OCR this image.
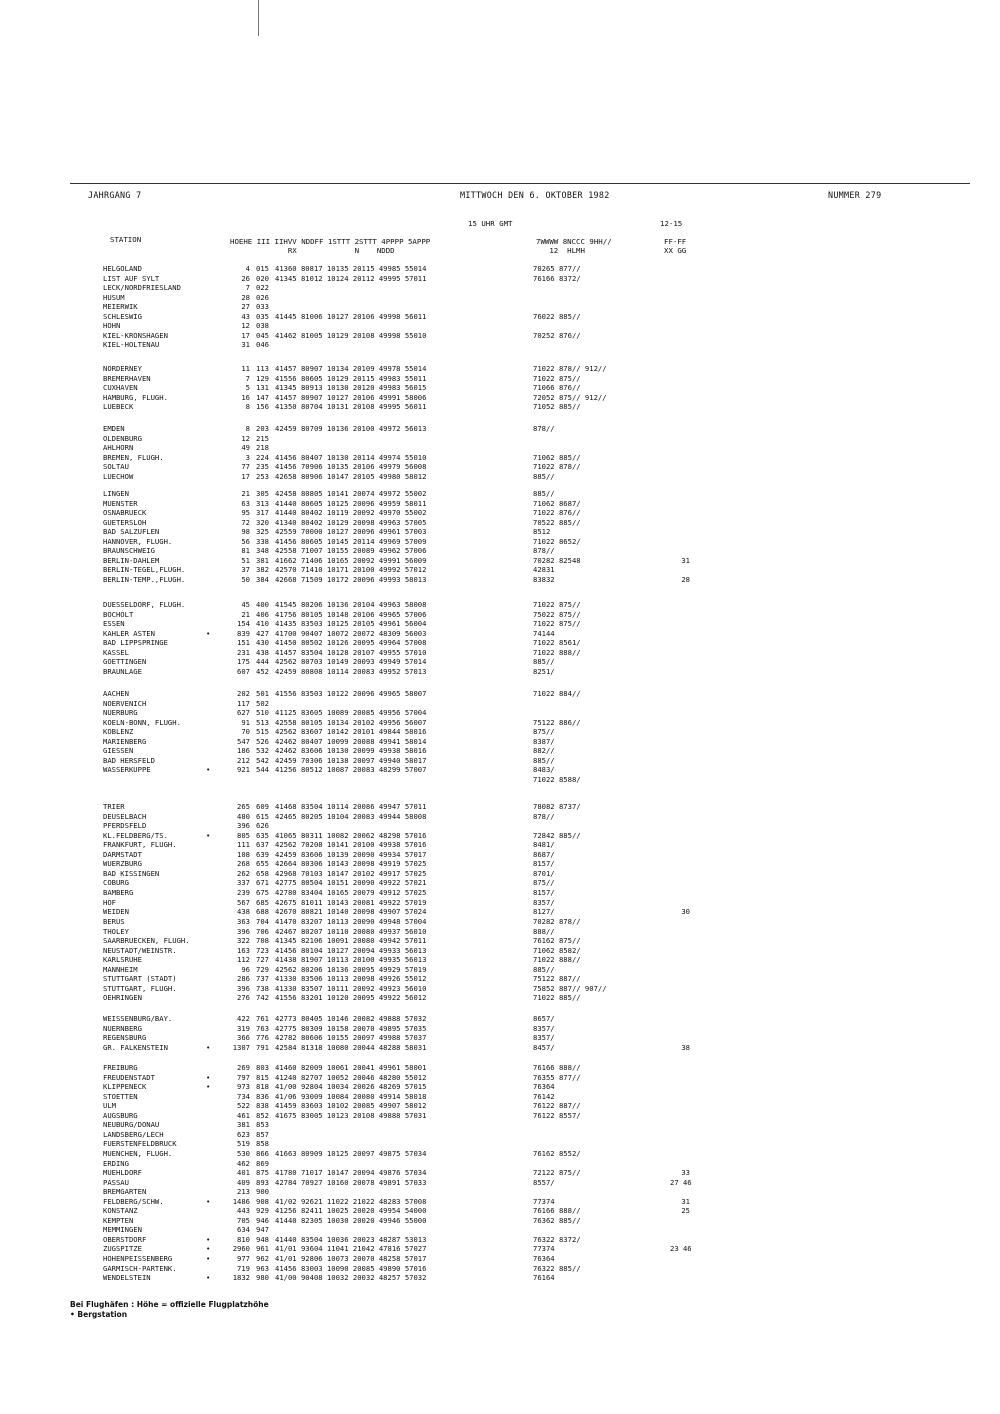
JAHRGANG 7	MITTWOCH DEN 6. OKTOBER 1982	NUMMER 279
15 UHR GMT	12-15
STATION	HOEHE III IIHVV NDDFF 1STTT 2STTT 4PPPP 5APPP
RX             N    NDDD
7WWWW 8NCCC 9HH//
12  HLMH
FF-FF
XX GG
HELGOLAND	4 015 41360 80817 10135 20115 49985 55014	70265 877//
LIST AUF SYLT	26 020 41345 81012 10124 20112 49995 57011	76166 8372/
LECK/NORDFRIESLAND	7 022
HUSUM	28 026
MEIERWIK	27 033
SCHLESWIG	43 035 41445 81006 10127 20106 49998 56011	76022 885//
HOHN	12 038
KIEL-KRONSHAGEN	17 045 41462 81005 10129 20108 49998 55010	70252 876//
KIEL-HOLTENAU	31 046
NORDERNEY	11 113 41457 80907 10134 20109 49978 55014	71022 878// 912//
BREMERHAVEN	7 129 41556 80605 10129 20115 49983 55011	71022 875//
CUXHAVEN	5 131 41345 80913 10130 20120 49983 56015	71066 876//
HAMBURG, FLUGH.	16 147 41457 80907 10127 20106 49991 58006	72052 875// 912//
LUEBECK	8 156 41350 80704 10131 20108 49995 56011	71052 885//
EMDEN	8 203 42459 80709 10136 20100 49972 56013	878//
OLDENBURG	12 215
AHLHORN	49 218
BREMEN, FLUGH.	3 224 41456 80407 10130 20114 49974 55010	71062 885//
SOLTAU	77 235 41456 70906 10135 20106 49979 56008	71022 878//
LUECHOW	17 253 42658 80906 10147 20105 49980 58012	885//
LINGEN	21 305 42458 80805 10141 20074 49972 55002	885//
MUENSTER	63 313 41440 80605 10125 20096 49959 58011	71062 8687/
OSNABRUECK	95 317 41440 80402 10119 20092 49970 55002	71022 876//
GUETERSLOH	72 320 41340 80402 10129 20098 49963 57005	70522 885//
BAD SALZUFLEN	98 325 42559 70000 10127 20096 49961 57003	8512
HANNOVER, FLUGH.	56 338 41456 80605 10145 20114 49969 57009	71022 8652/
BRAUNSCHWEIG	81 348 42558 71007 10155 20089 49962 57006	878//
BERLIN-DAHLEM	51 381 41662 71406 10165 20092 49991 56009	70282 82548	31
BERLIN-TEGEL,FLUGH.	37 382 42570 71410 10171 20100 49992 57012	42831
BERLIN-TEMP.,FLUGH.	50 384 42668 71509 10172 20096 49993 58013	83832	28
DUESSELDORF, FLUGH.	45 400 41545 80206 10136 20104 49963 58008	71022 875//
BOCHOLT	21 406 41756 80105 10148 20106 49965 57006	75022 875//
ESSEN	154 410 41435 83503 10125 20105 49961 56004	71022 875//
KAHLER ASTEN	•	839 427 41700 90407 10072 20072 48309 56003	74144
BAD LIPPSPRINGE	151 430 41450 80502 10126 20095 49964 57008	71022 8561/
KASSEL	231 438 41457 83504 10128 20107 49955 57010	71022 888//
GOETTINGEN	175 444 42562 80703 10149 20093 49949 57014	885//
BRAUNLAGE	607 452 42459 80808 10114 20083 49952 57013	8251/
AACHEN	202 501 41556 83503 10122 20096 49965 58007	71022 884//
NOERVENICH	117 502
NUERBURG	627 510 41125 83605 10089 20085 49956 57004
KOELN-BONN, FLUGH.	91 513 42558 80105 10134 20102 49956 56007	75122 886//
KOBLENZ	70 515 42562 83607 10142 20101 49844 58016	875//
MARIENBERG	547 526 42462 80407 10099 20088 49941 58014	8387/
GIESSEN	186 532 42462 83606 10130 20099 49938 58016	882//
BAD HERSFELD	212 542 42459 70306 10138 20097 49940 58017	885//
WASSERKUPPE	•	921 544 41256 80512 10087 20083 48299 57007	8483/
71022 8588/
TRIER	265 609 41468 83504 10114 20086 49947 57011	78082 8737/
DEUSELBACH	480 615 42465 80205 10104 20083 49944 58008	878//
PFERDSFELD	396 626
KL.FELDBERG/TS.	•	805 635 41065 80311 10082 20062 48298 57016	72842 885//
FRANKFURT, FLUGH.	111 637 42562 70208 10141 20100 49938 57016	8481/
DARMSTADT	108 639 42459 83606 10139 20090 49934 57017	8687/
WUERZBURG	268 655 42664 80306 10143 20098 49919 57025	8157/
BAD KISSINGEN	262 658 42968 70103 10147 20102 49917 57025	8701/
COBURG	337 671 42775 80504 10151 20090 49922 57021	875//
BAMBERG	239 675 42780 83404 10165 20079 49912 57025	8157/
HOF	567 685 42675 81011 10143 20081 49922 57019	8357/
WEIDEN	438 688 42670 80821 10140 20098 49907 57024	8127/	30
BERUS	363 704 41470 83207 10113 20090 49948 57004	70282 878//
THOLEY	396 706 42467 80207 10110 20080 49937 56010	888//
SAARBRUECKEN, FLUGH.	322 708 41345 82106 10091 20080 49942 57011	76162 875//
NEUSTADT/WEINSTR.	163 723 41456 80104 10127 20094 49933 56013	71062 8582/
KARLSRUHE	112 727 41438 81907 10113 20100 49935 56013	71022 888//
MANNHEIM	96 729 42562 80206 10136 20095 49929 57019	885//
STUTTGART (STADT)	286 737 41330 83506 10113 20098 49926 55012	75122 887//
STUTTGART, FLUGH.	396 738 41330 83507 10111 20092 49923 56010	75852 887// 907//
OEHRINGEN	276 742 41556 83201 10120 20095 49922 56012	71022 885//
WEISSENBURG/BAY.	422 761 42773 80405 10146 20082 49888 57032	8657/
NUERNBERG	319 763 42775 80309 10158 20070 49895 57035	8357/
REGENSBURG	366 776 42782 80606 10155 20097 49988 57037	8357/
GR. FALKENSTEIN	•	1307 791 42584 81318 10080 20044 48288 58031	8457/	38
FREIBURG	269 803 41460 82009 10061 20041 49961 58001	76166 888//
FREUDENSTADT	•	797 815 41240 82707 10052 20046 48280 55012	76355 877//
KLIPPENECK	•	973 818 41/00 92804 10034 20026 48269 57015	76364
STOETTEN	734 836 41/06 93009 10084 20080 49914 58018	76142
ULM	522 838 41459 83603 10102 20085 49907 58012	76122 887//
AUGSBURG	461 852 41675 83005 10123 20108 49888 57031	76122 8557/
NEUBURG/DONAU	381 853
LANDSBERG/LECH	623 857
FUERSTENFELDBRUCK	519 858
MUENCHEN, FLUGH.	530 866 41663 80909 10125 20097 49875 57034	76162 8552/
ERDING	462 869
MUEHLDORF	401 875 41780 71017 10147 20094 49876 57034	72122 875//	33
PASSAU	409 893 42784 70927 10160 20078 49891 57033	8557/	27 46
BREMGARTEN	213 900
FELDBERG/SCHW.	•	1486 908 41/02 92621 11022 21022 48283 57008	77374	31
KONSTANZ	443 929 41256 82411 10025 20020 49954 54000	76166 888//	25
KEMPTEN	705 946 41440 82305 10030 20020 49946 55000	76362 885//
MEMMINGEN	634 947
OBERSTDORF	•	810 948 41440 83504 10036 20023 48287 53013	76322 8372/
ZUGSPITZE	•	2960 961 41/01 93604 11041 21042 47816 57027	77374	23 46
HOHENPEISSENBERG	•	977 962 41/01 92806 10073 20070 48258 57017	76364
GARMISCH-PARTENK.	719 963 41456 83003 10090 20085 49890 57016	76322 885//
WENDELSTEIN	•	1832 980 41/00 90408 10032 20032 48257 57032	76164
Bei Flughäfen : Höhe = offizielle Flugplatzhöhe
• Bergstation
